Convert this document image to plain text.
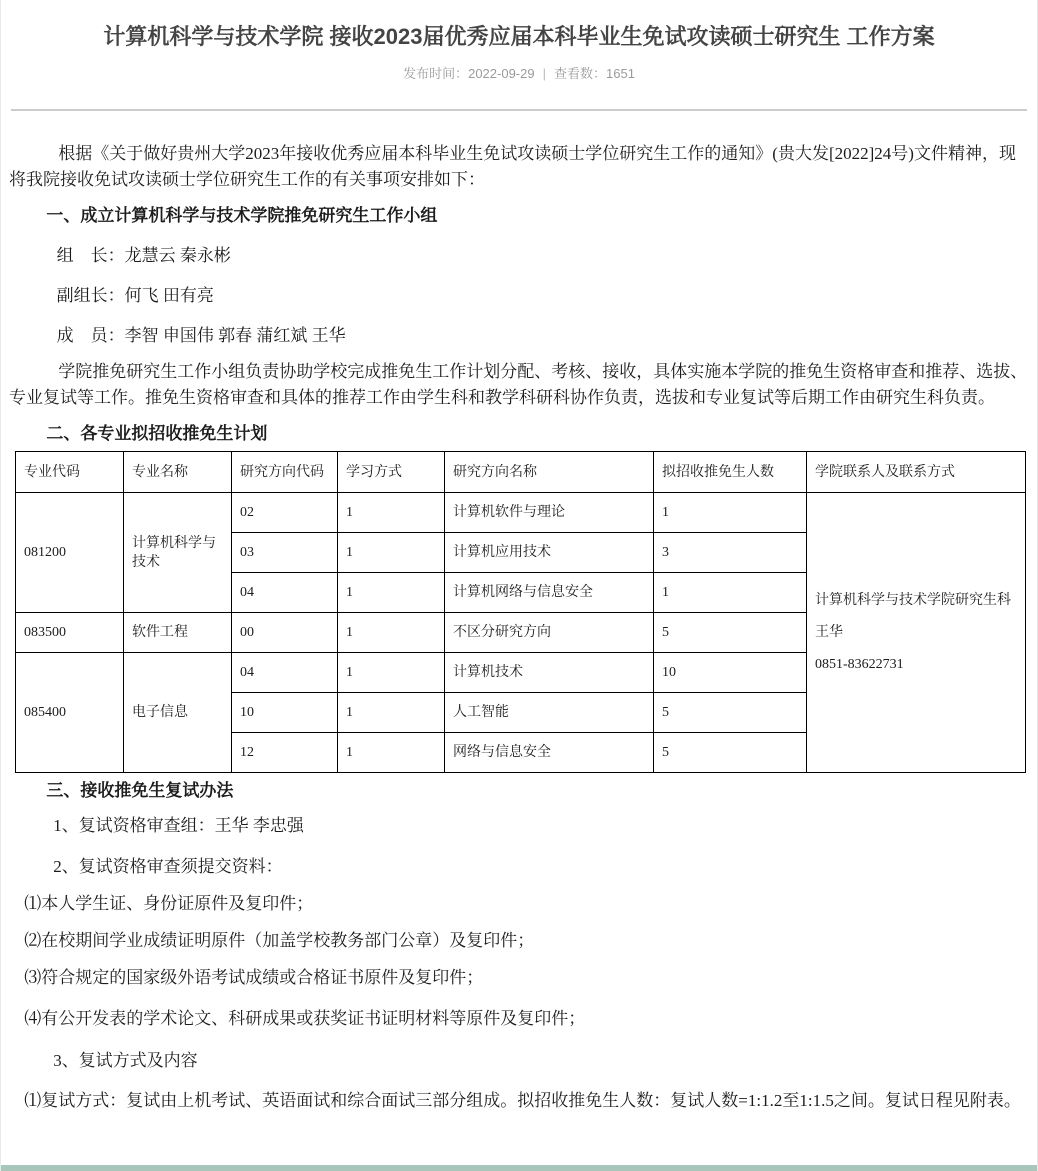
计算机科学与技术学院 接收2023届优秀应届本科毕业生免试攻读硕士研究生 工作方案
发布时间：2022-09-29 | 查看数：1651

根据《关于做好贵州大学2023年接收优秀应届本科毕业生免试攻读硕士学位研究生工作的通知》(贵大发[2022]24号)文件精神，现将我院接收免试攻读硕士学位研究生工作的有关事项安排如下：

一、成立计算机科学与技术学院推免研究生工作小组

组　长：龙慧云 秦永彬

副组长：何飞 田有亮

成　员：李智 申国伟 郭春 蒲红斌 王华

学院推免研究生工作小组负责协助学校完成推免生工作计划分配、考核、接收，具体实施本学院的推免生资格审查和推荐、选拔、专业复试等工作。推免生资格审查和具体的推荐工作由学生科和教学科研科协作负责，选拔和专业复试等后期工作由研究生科负责。

二、各专业拟招收推免生计划

专业代码	专业名称	研究方向代码	学习方式	研究方向名称	拟招收推免生人数	学院联系人及联系方式
081200	计算机科学与技术	02	1	计算机软件与理论	1	计算机科学与技术学院研究生科
王华
0851-83622731

		03	1	计算机应用技术	3	
		04	1	计算机网络与信息安全	1	
083500	软件工程	00	1	不区分研究方向	5	
085400	电子信息	04	1	计算机技术	10	
		10	1	人工智能	5	
		12	1	网络与信息安全	5	

三、接收推免生复试办法

1、复试资格审查组：王华 李忠强

2、复试资格审查须提交资料：

⑴本人学生证、身份证原件及复印件；

⑵在校期间学业成绩证明原件（加盖学校教务部门公章）及复印件；

⑶符合规定的国家级外语考试成绩或合格证书原件及复印件；

⑷有公开发表的学术论文、科研成果或获奖证书证明材料等原件及复印件；

3、复试方式及内容

⑴复试方式：复试由上机考试、英语面试和综合面试三部分组成。拟招收推免生人数：复试人数=1:1.2至1:1.5之间。复试日程见附表。
